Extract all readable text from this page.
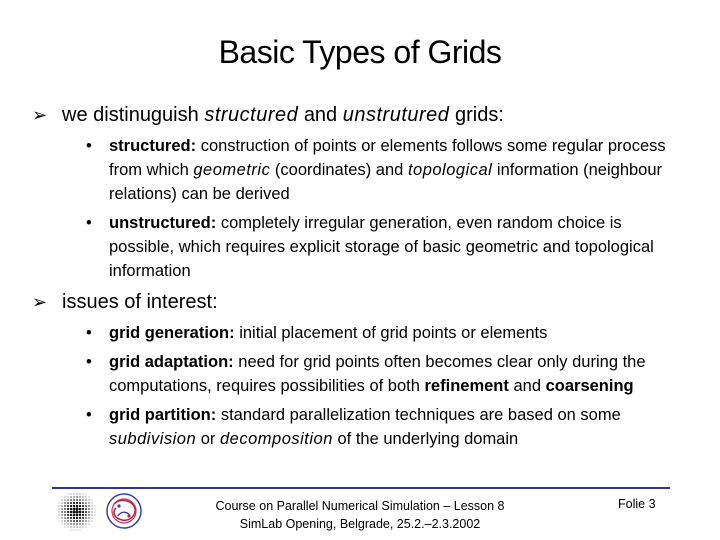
Basic Types of Grids
➢ we distinuguish structured and unstrutured grids:
• structured: construction of points or elements follows some regular process from which geometric (coordinates) and topological information (neighbour relations) can be derived
• unstructured: completely irregular generation, even random choice is possible, which requires explicit storage of basic geometric and topological information
➢ issues of interest:
• grid generation: initial placement of grid points or elements
• grid adaptation: need for grid points often becomes clear only during the computations, requires possibilities of both refinement and coarsening
• grid partition: standard parallelization techniques are based on some subdivision or decomposition of the underlying domain
Course on Parallel Numerical Simulation – Lesson 8
SimLab Opening, Belgrade, 25.2.–2.3.2002
Folie 3
